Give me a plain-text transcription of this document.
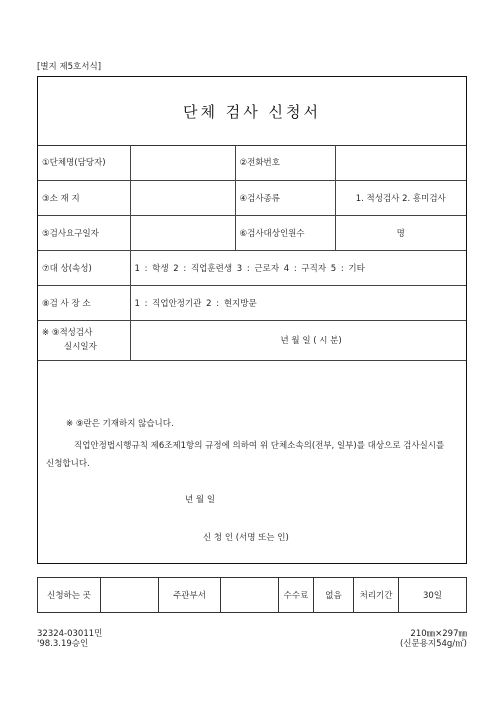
[별지 제5호서식]
단체 검사 신청서
①단체명(담당자)		②전화번호	
③소 재 지		④검사종류	1. 적성검사 2. 흥미검사
⑤검사요구일자		⑥검사대상인원수	명
⑦대 상(속성)	1 : 학생 2 : 직업훈련생 3 : 근로자 4 : 구직자 5 : 기타		
⑧검 사 장 소	1 : 직업안정기관 2 : 현지방문		

※ ⑨적성검사
실시일자	년 월 일 ( 시 분)		
※ ⑨란은 기재하지 않습니다.
직업안정법시행규칙 제6조제1항의 규정에 의하여 위 단체소속의(전부, 일부)를 대상으로 검사실시를 신청합니다.
년 월 일
신 청 인 (서명 또는 인)
신청하는 곳		주관부서		수수료	없음	처리기간	30일
32324-03011민
'98.3.19승인
210㎜×297㎜
(신문용지54g/㎡)
